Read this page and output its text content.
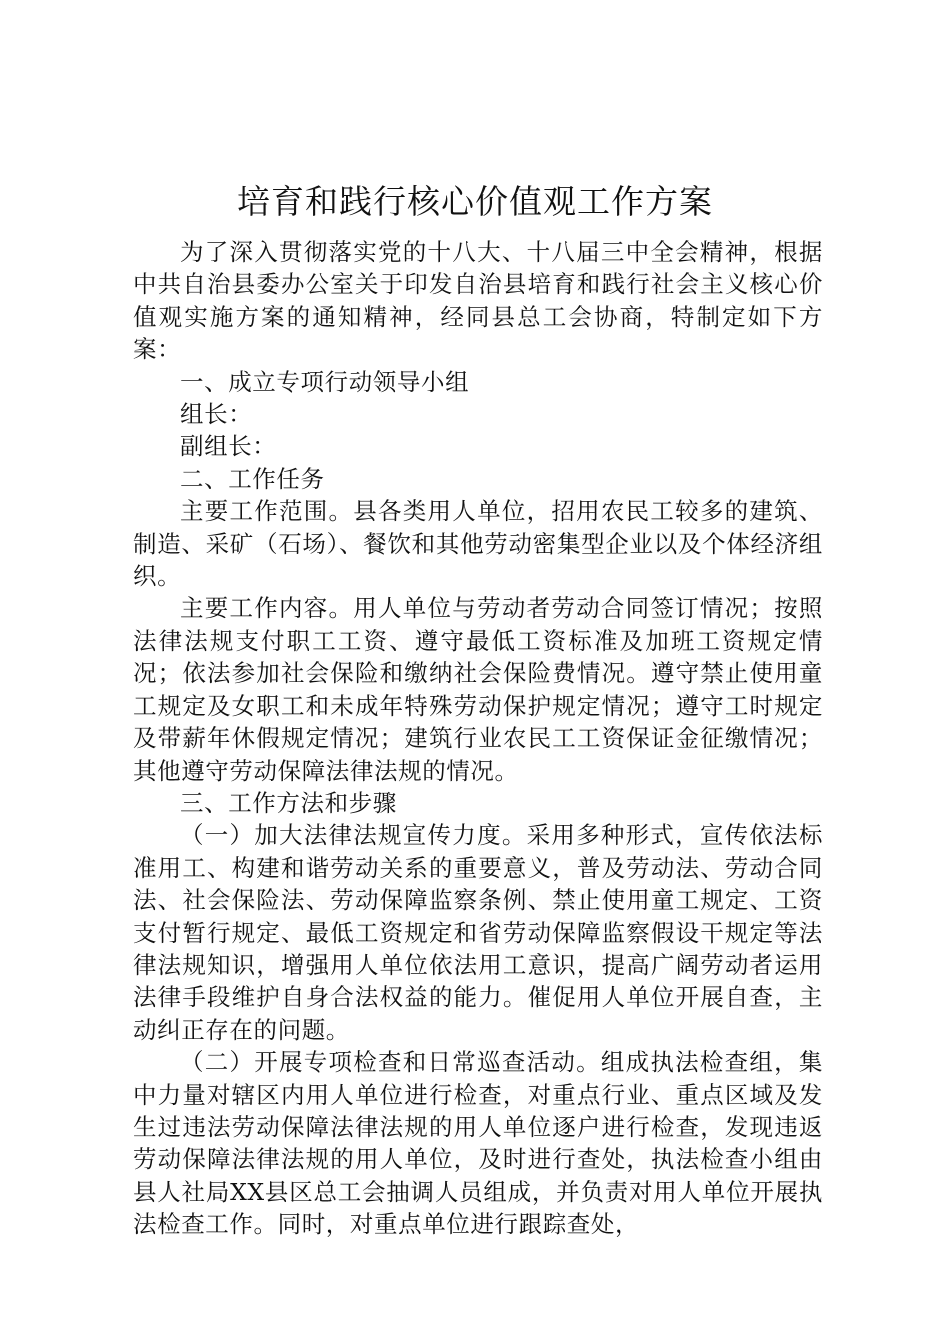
培育和践行核心价值观工作方案

为了深入贯彻落实党的十八大、十八届三中全会精神，根据中共自治县委办公室关于印发自治县培育和践行社会主义核心价值观实施方案的通知精神，经同县总工会协商，特制定如下方案：

一、成立专项行动领导小组

组长：

副组长：

二、工作任务

主要工作范围。县各类用人单位，招用农民工较多的建筑、制造、采矿（石场）、餐饮和其他劳动密集型企业以及个体经济组织。

主要工作内容。用人单位与劳动者劳动合同签订情况；按照法律法规支付职工工资、遵守最低工资标准及加班工资规定情况；依法参加社会保险和缴纳社会保险费情况。遵守禁止使用童工规定及女职工和未成年特殊劳动保护规定情况；遵守工时规定及带薪年休假规定情况；建筑行业农民工工资保证金征缴情况；其他遵守劳动保障法律法规的情况。

三、工作方法和步骤

（一）加大法律法规宣传力度。采用多种形式，宣传依法标准用工、构建和谐劳动关系的重要意义，普及劳动法、劳动合同法、社会保险法、劳动保障监察条例、禁止使用童工规定、工资支付暂行规定、最低工资规定和省劳动保障监察假设干规定等法律法规知识，增强用人单位依法用工意识，提高广阔劳动者运用法律手段维护自身合法权益的能力。催促用人单位开展自查，主动纠正存在的问题。

（二）开展专项检查和日常巡查活动。组成执法检查组，集中力量对辖区内用人单位进行检查，对重点行业、重点区域及发生过违法劳动保障法律法规的用人单位逐户进行检查，发现违返劳动保障法律法规的用人单位，及时进行查处，执法检查小组由县人社局XX县区总工会抽调人员组成，并负责对用人单位开展执法检查工作。同时，对重点单位进行跟踪查处，
